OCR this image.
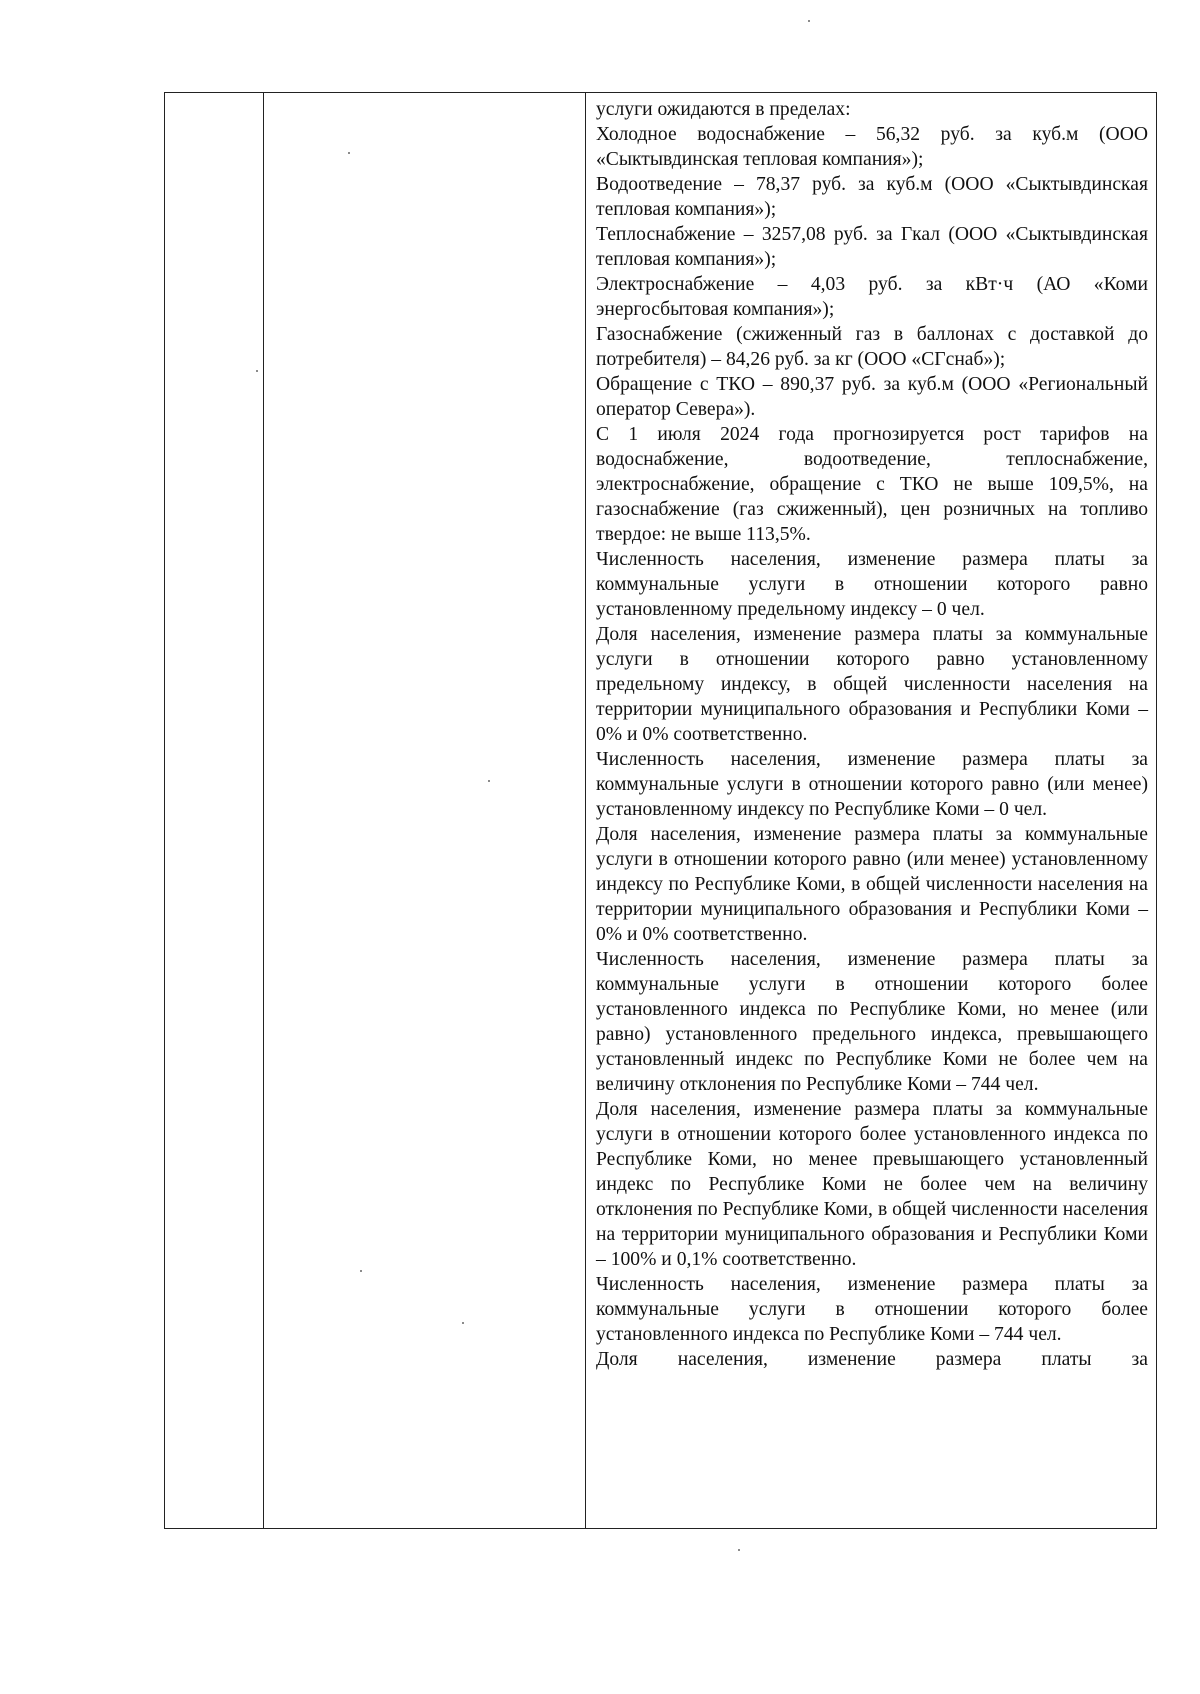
услуги ожидаются в пределах:

Холодное водоснабжение – 56,32 руб. за куб.м (ООО «Сыктывдинская тепловая компания»);

Водоотведение – 78,37 руб. за куб.м (ООО «Сыктывдинская тепловая компания»);

Теплоснабжение – 3257,08 руб. за Гкал (ООО «Сыктывдинская тепловая компания»);

Электроснабжение – 4,03 руб. за кВт·ч (АО «Коми энергосбытовая компания»);

Газоснабжение (сжиженный газ в баллонах с доставкой до потребителя) – 84,26 руб. за кг (ООО «СГснаб»);

Обращение с ТКО – 890,37 руб. за куб.м (ООО «Региональный оператор Севера»).

С 1 июля 2024 года прогнозируется рост тарифов на водоснабжение, водоотведение, теплоснабжение, электроснабжение, обращение с ТКО не выше 109,5%, на газоснабжение (газ сжиженный), цен розничных на топливо твердое: не выше 113,5%.

Численность населения, изменение размера платы за коммунальные услуги в отношении которого равно установленному предельному индексу – 0 чел.

Доля населения, изменение размера платы за коммунальные услуги в отношении которого равно установленному предельному индексу, в общей численности населения на территории муниципального образования и Республики Коми – 0% и 0% соответственно.

Численность населения, изменение размера платы за коммунальные услуги в отношении которого равно (или менее) установленному индексу по Республике Коми – 0 чел.

Доля населения, изменение размера платы за коммунальные услуги в отношении которого равно (или менее) установленному индексу по Республике Коми, в общей численности населения на территории муниципального образования и Республики Коми – 0% и 0% соответственно.

Численность населения, изменение размера платы за коммунальные услуги в отношении которого более установленного индекса по Республике Коми, но менее (или равно) установленного предельного индекса, превышающего установленный индекс по Республике Коми не более чем на величину отклонения по Республике Коми – 744 чел.

Доля населения, изменение размера платы за коммунальные услуги в отношении которого более установленного индекса по Республике Коми, но менее превышающего установленный индекс по Республике Коми не более чем на величину отклонения по Республике Коми, в общей численности населения на территории муниципального образования и Республики Коми – 100% и 0,1% соответственно.

Численность населения, изменение размера платы за коммунальные услуги в отношении которого более установленного индекса по Республике Коми – 744 чел.

Доля населения, изменение размера платы за
